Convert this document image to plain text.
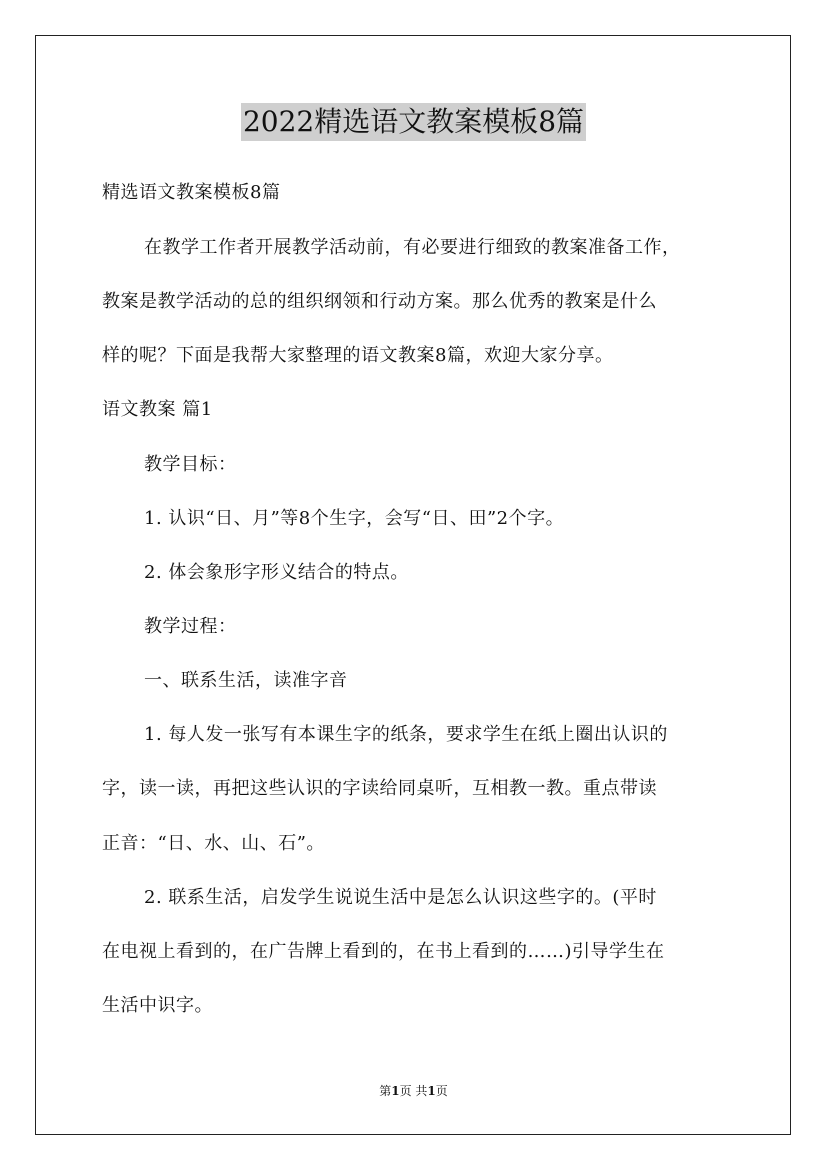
2022精选语文教案模板8篇
精选语文教案模板8篇
在教学工作者开展教学活动前，有必要进行细致的教案准备工作，
教案是教学活动的总的组织纲领和行动方案。那么优秀的教案是什么
样的呢？下面是我帮大家整理的语文教案8篇，欢迎大家分享。
语文教案 篇1
教学目标：
1. 认识“日、月”等8个生字，会写“日、田”2个字。
2. 体会象形字形义结合的特点。
教学过程：
一、联系生活，读准字音
1. 每人发一张写有本课生字的纸条，要求学生在纸上圈出认识的
字，读一读，再把这些认识的字读给同桌听，互相教一教。重点带读
正音：“日、水、山、石”。
2. 联系生活，启发学生说说生活中是怎么认识这些字的。(平时
在电视上看到的，在广告牌上看到的，在书上看到的……)引导学生在
生活中识字。
第1页 共1页
